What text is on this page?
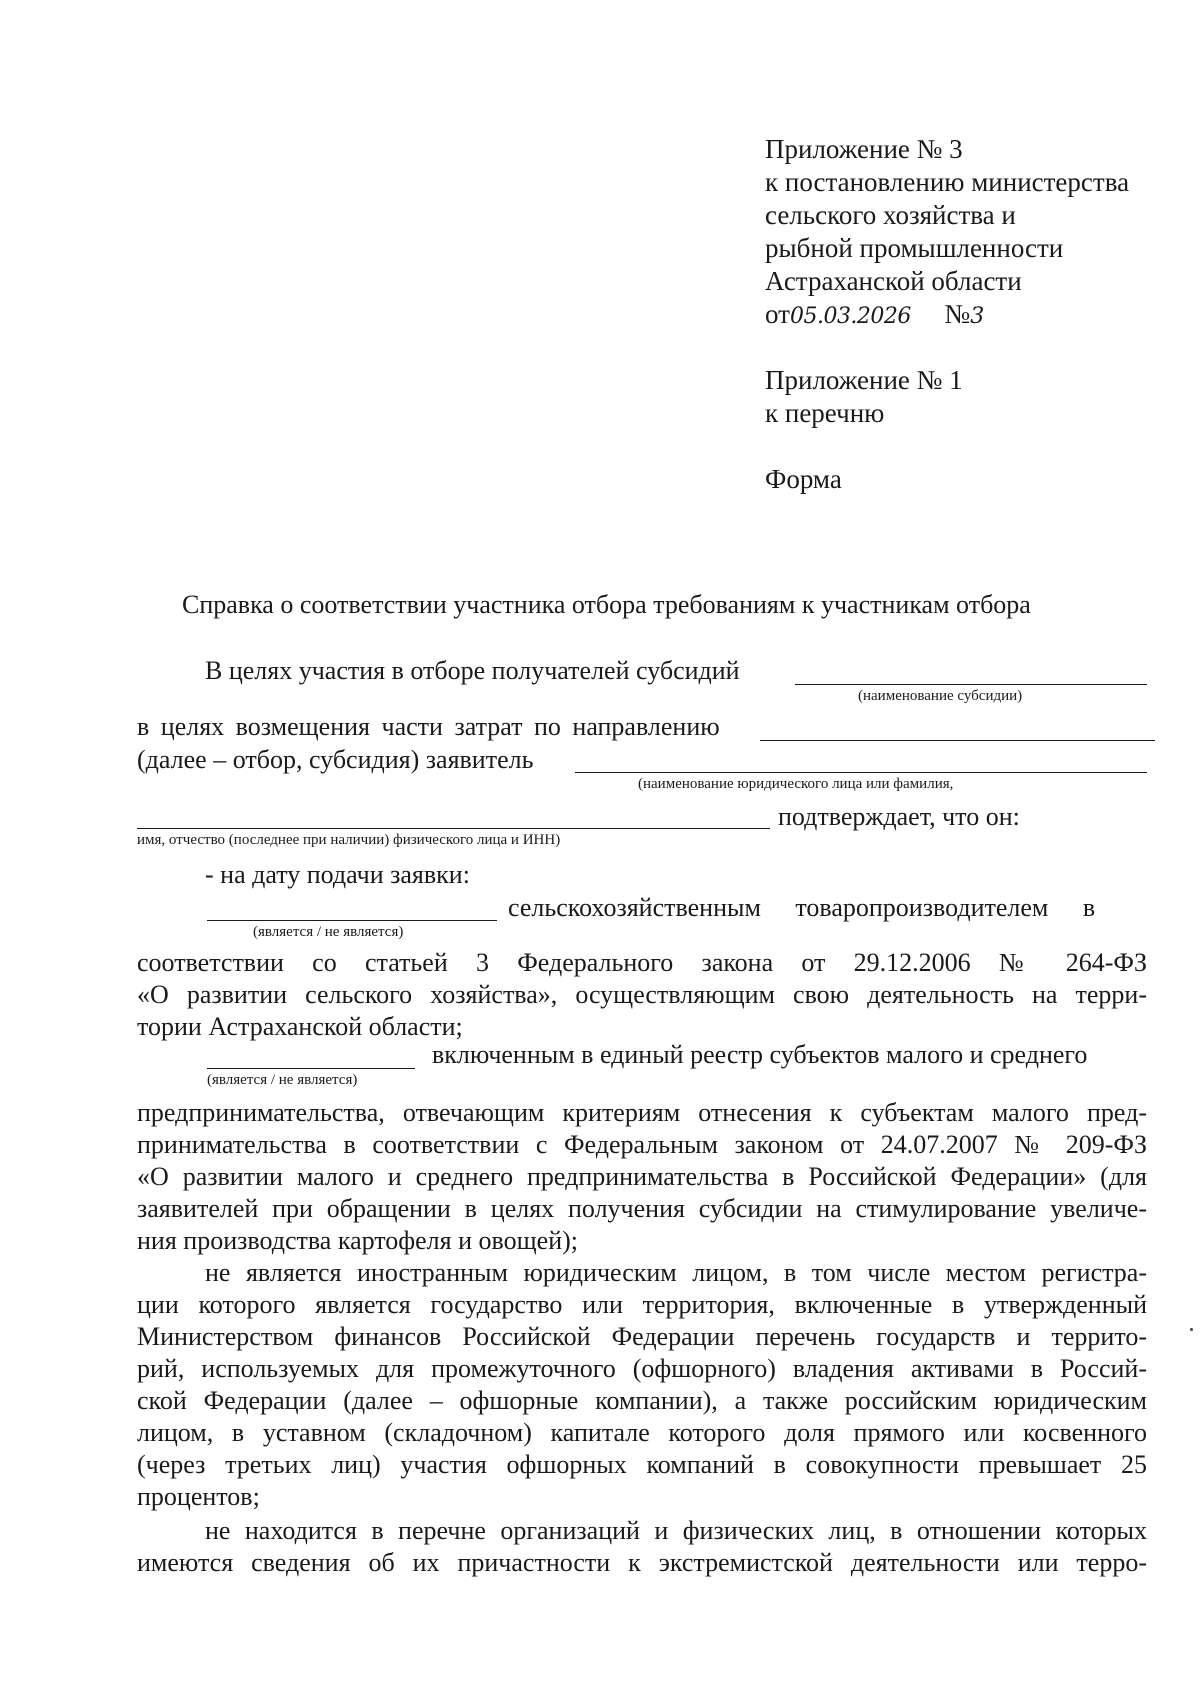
Приложение № 3
к постановлению министерства
сельского хозяйства и
рыбной промышленности
Астраханской области
от05.03.2026 №3
Приложение № 1
к перечню
Форма
Справка о соответствии участника отбора требованиям к участникам отбора
В целях участия в отборе получателей субсидий
(наименование субсидии)
в целях возмещения части затрат по направлению
(далее – отбор, субсидия) заявитель
(наименование юридического лица или фамилия,
подтверждает, что он:
имя, отчество (последнее при наличии) физического лица и ИНН)
- на дату подачи заявки:
сельскохозяйственным товаропроизводителем в
(является / не является)
соответствии со статьей 3 Федерального закона от 29.12.2006 № 264-ФЗ
«О развитии сельского хозяйства», осуществляющим свою деятельность на терри-
тории Астраханской области;
включенным в единый реестр субъектов малого и среднего
(является / не является)
предпринимательства, отвечающим критериям отнесения к субъектам малого пред-
принимательства в соответствии с Федеральным законом от 24.07.2007 № 209-ФЗ
«О развитии малого и среднего предпринимательства в Российской Федерации» (для
заявителей при обращении в целях получения субсидии на стимулирование увеличе-
ния производства картофеля и овощей);
не является иностранным юридическим лицом, в том числе местом регистра-
ции которого является государство или территория, включенные в утвержденный
Министерством финансов Российской Федерации перечень государств и террито-
рий, используемых для промежуточного (офшорного) владения активами в Россий-
ской Федерации (далее – офшорные компании), а также российским юридическим
лицом, в уставном (складочном) капитале которого доля прямого или косвенного
(через третьих лиц) участия офшорных компаний в совокупности превышает 25
процентов;
не находится в перечне организаций и физических лиц, в отношении которых
имеются сведения об их причастности к экстремистской деятельности или терро-
